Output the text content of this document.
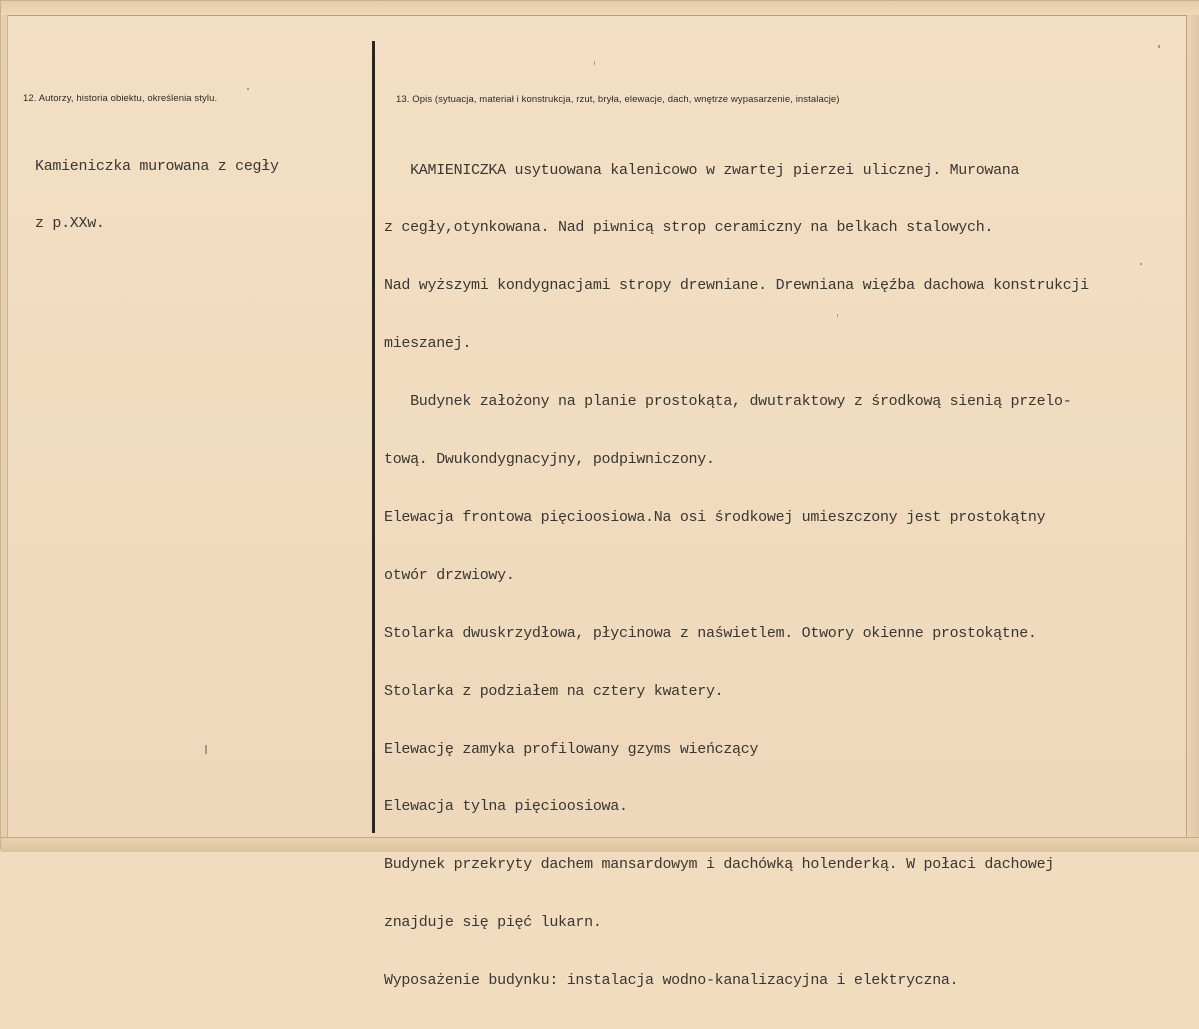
12. Autorzy, historia obiektu, określenia stylu.	13. Opis (sytuacja, materiał i konstrukcja, rzut, bryła, elewacje, dach, wnętrze wypasarzenie, instalacje)

Kamieniczka murowana z cegły

z p.XXw.

KAMIENICZKA usytuowana kalenicowo w zwartej pierzei ulicznej. Murowana

z cegły,otynkowana. Nad piwnicą strop ceramiczny na belkach stalowych.

Nad wyższymi kondygnacjami stropy drewniane. Drewniana więźba dachowa konstrukcji

mieszanej.

Budynek założony na planie prostokąta, dwutraktowy z środkową sienią przelo-

tową. Dwukondygnacyjny, podpiwniczony.

Elewacja frontowa pięcioosiowa.Na osi środkowej umieszczony jest prostokątny

otwór drzwiowy.

Stolarka dwuskrzydłowa, płycinowa z naświetlem. Otwory okienne prostokątne.

Stolarka z podziałem na cztery kwatery.

Elewację zamyka profilowany gzyms wieńczący

Elewacja tylna pięcioosiowa.

Budynek przekryty dachem mansardowym i dachówką holenderką. W połaci dachowej

znajduje się pięć lukarn.

Wyposażenie budynku: instalacja wodno-kanalizacyjna i elektryczna.
